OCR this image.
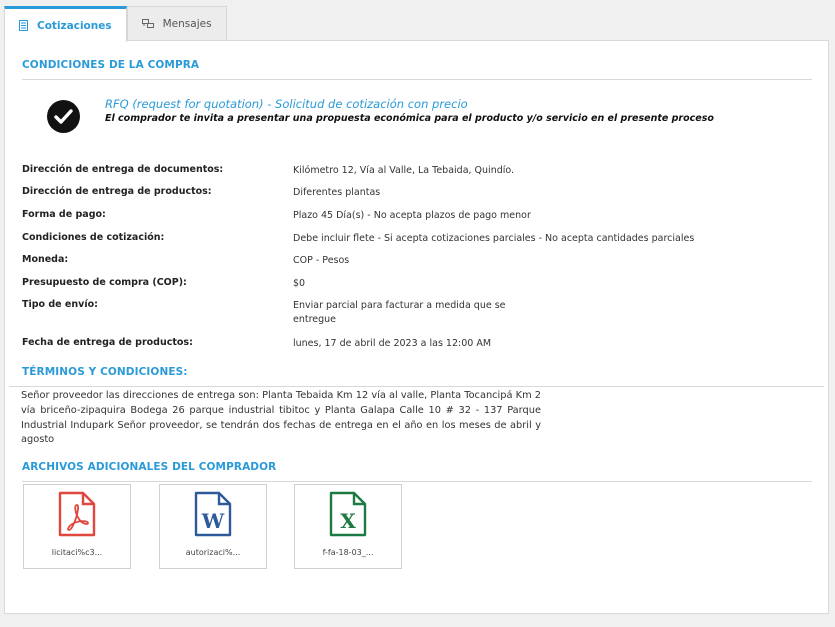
Cotizaciones	Mensajes
CONDICIONES DE LA COMPRA
RFQ (request for quotation) - Solicitud de cotización con precio
El comprador te invita a presentar una propuesta económica para el producto y/o servicio en el presente proceso
Dirección de entrega de documentos:	Kilómetro 12, Vía al Valle, La Tebaida, Quindío.
Dirección de entrega de productos:	Diferentes plantas
Forma de pago:	Plazo 45 Día(s) - No acepta plazos de pago menor
Condiciones de cotización:	Debe incluir flete - Si acepta cotizaciones parciales - No acepta cantidades parciales
Moneda:	COP - Pesos
Presupuesto de compra (COP):	$0
Tipo de envío:	Enviar parcial para facturar a medida que se entregue
Fecha de entrega de productos:	lunes, 17 de abril de 2023 a las 12:00 AM
TÉRMINOS Y CONDICIONES:
Señor proveedor las direcciones de entrega son: Planta Tebaida Km 12 vía al valle, Planta Tocancipá Km 2 vía briceño-zipaquira Bodega 26 parque industrial tibitoc y Planta Galapa Calle 10 # 32 - 137 Parque Industrial Indupark Señor proveedor, se tendrán dos fechas de entrega en el año en los meses de abril y agosto
ARCHIVOS ADICIONALES DEL COMPRADOR
licitaci%c3...
W
autorizaci%...
X
f-fa-18-03_...
